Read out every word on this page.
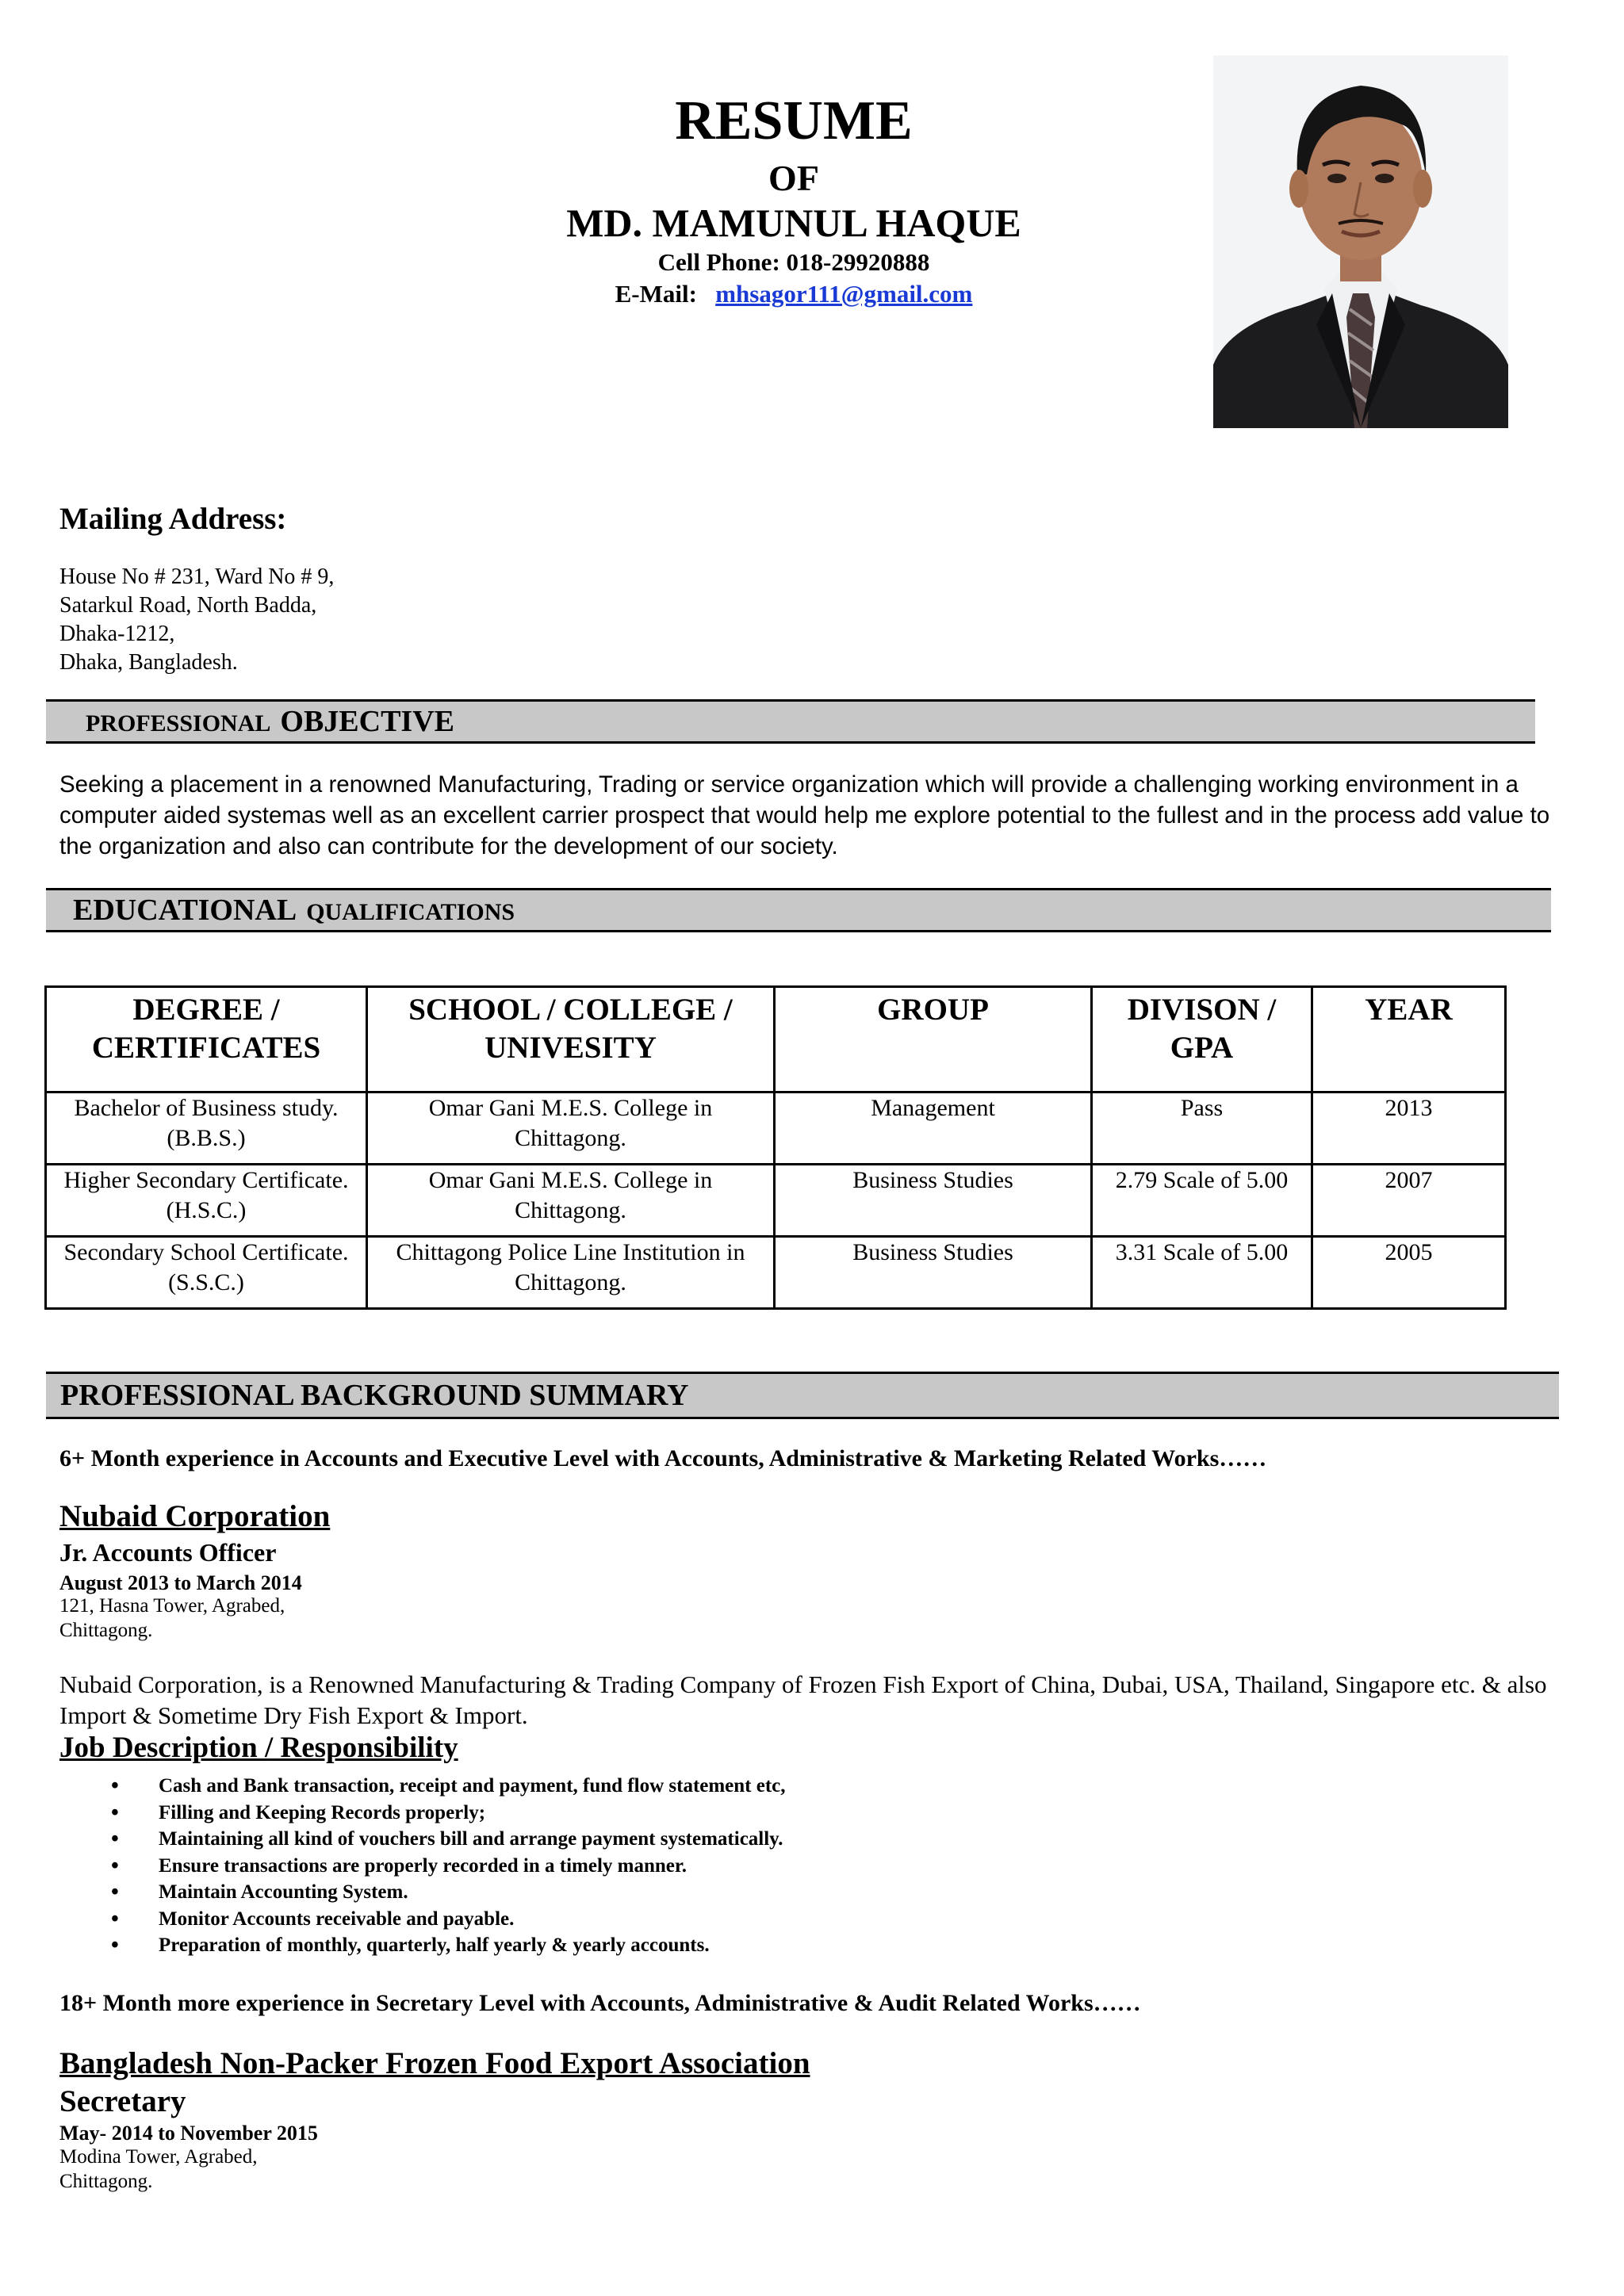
RESUME
OF
MD. MAMUNUL HAQUE
Cell Phone: 018-29920888
E-Mail: mhsagor111@gmail.com
Mailing Address:
House No # 231, Ward No # 9,
Satarkul Road, North Badda,
Dhaka-1212,
Dhaka, Bangladesh.
PROFESSIONAL OBJECTIVE
Seeking a placement in a renowned Manufacturing, Trading or service organization which will provide a challenging working environment in a computer aided systemas well as an excellent carrier prospect that would help me explore potential to the fullest and in the process add value to the organization and also can contribute for the development of our society.
EDUCATIONAL QUALIFICATIONS
DEGREE / CERTIFICATES	SCHOOL / COLLEGE / UNIVESITY	GROUP	DIVISON / GPA	YEAR
Bachelor of Business study. (B.B.S.)	Omar Gani M.E.S. College in Chittagong.	Management	Pass	2013
Higher Secondary Certificate. (H.S.C.)	Omar Gani M.E.S. College in Chittagong.	Business Studies	2.79 Scale of 5.00	2007
Secondary School Certificate. (S.S.C.)	Chittagong Police Line Institution in Chittagong.	Business Studies	3.31 Scale of 5.00	2005
PROFESSIONAL BACKGROUND SUMMARY
6+ Month experience in Accounts and Executive Level with Accounts, Administrative & Marketing Related Works……
Nubaid Corporation
Jr. Accounts Officer
August 2013 to March 2014
121, Hasna Tower, Agrabed,
Chittagong.
Nubaid Corporation, is a Renowned Manufacturing & Trading Company of Frozen Fish Export of China, Dubai, USA, Thailand, Singapore etc. & also Import & Sometime Dry Fish Export & Import.
Job Description / Responsibility
• Cash and Bank transaction, receipt and payment, fund flow statement etc,
• Filling and Keeping Records properly;
• Maintaining all kind of vouchers bill and arrange payment systematically.
• Ensure transactions are properly recorded in a timely manner.
• Maintain Accounting System.
• Monitor Accounts receivable and payable.
• Preparation of monthly, quarterly, half yearly & yearly accounts.
18+ Month more experience in Secretary Level with Accounts, Administrative & Audit Related Works……
Bangladesh Non-Packer Frozen Food Export Association
Secretary
May- 2014 to November 2015
Modina Tower, Agrabed,
Chittagong.
